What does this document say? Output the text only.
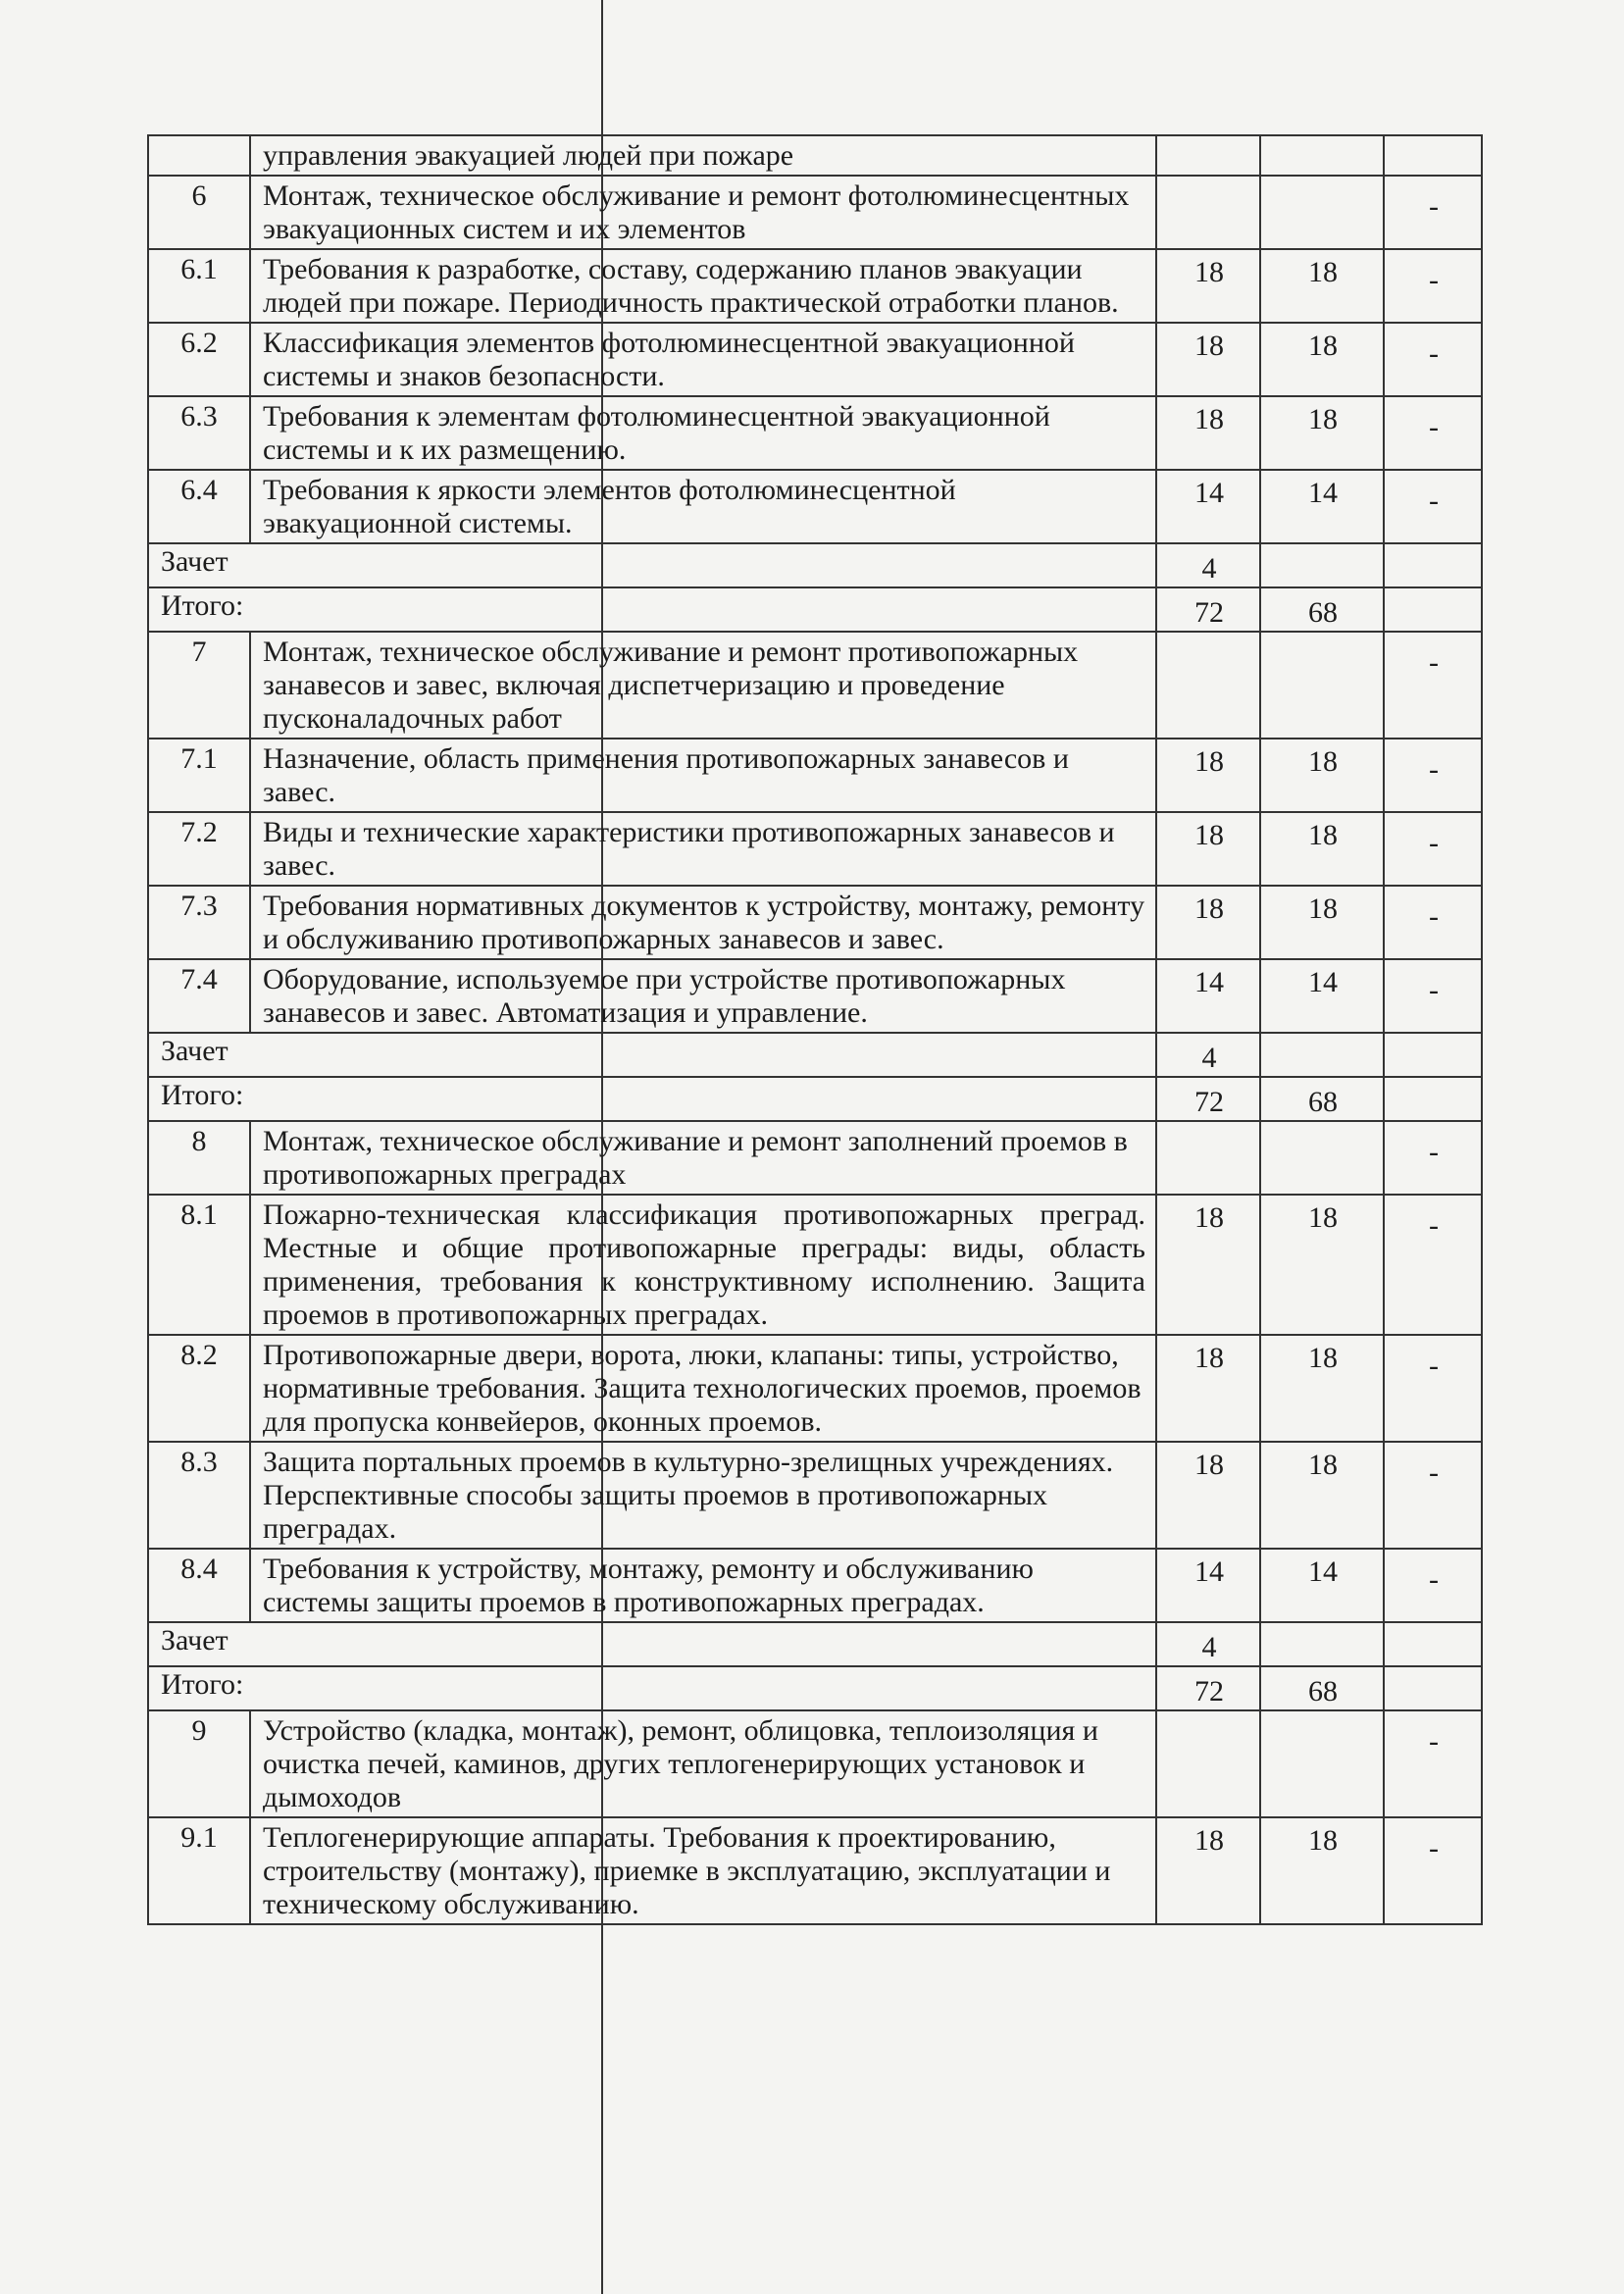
	управления эвакуацией людей при пожаре			
6	Монтаж, техническое обслуживание и ремонт фотолюминесцентных эвакуационных систем и их элементов			-
6.1	Требования к разработке, составу, содержанию планов эвакуации людей при пожаре. Периодичность практической отработки планов.	18	18	-
6.2	Классификация элементов фотолюминесцентной эвакуационной системы и знаков безопасности.	18	18	-
6.3	Требования к элементам фотолюминесцентной эвакуационной системы и к их размещению.	18	18	-
6.4	Требования к яркости элементов фотолюминесцентной эвакуационной системы.	14	14	-
Зачет		4		
Итого:		72	68	
7	Монтаж, техническое обслуживание и ремонт противопожарных занавесов и завес, включая диспетчеризацию и проведение пусконаладочных работ			-
7.1	Назначение, область применения противопожарных занавесов и завес.	18	18	-
7.2	Виды и технические характеристики противопожарных занавесов и завес.	18	18	-
7.3	Требования нормативных документов к устройству, монтажу, ремонту и обслуживанию противопожарных занавесов и завес.	18	18	-
7.4	Оборудование, используемое при устройстве противопожарных занавесов и завес. Автоматизация и управление.	14	14	-
Зачет		4		
Итого:		72	68	
8	Монтаж, техническое обслуживание и ремонт заполнений проемов в противопожарных преградах			-
8.1	Пожарно-техническая классификация противопожарных преград. Местные и общие противопожарные преграды: виды, область применения, требования к конструктивному исполнению. Защита проемов в противопожарных преградах.	18	18	-
8.2	Противопожарные двери, ворота, люки, клапаны: типы, устройство, нормативные требования. Защита технологических проемов, проемов для пропуска конвейеров, оконных проемов.	18	18	-
8.3	Защита портальных проемов в культурно-зрелищных учреждениях. Перспективные способы защиты проемов в противопожарных преградах.	18	18	-
8.4	Требования к устройству, монтажу, ремонту и обслуживанию системы защиты проемов в противопожарных преградах.	14	14	-
Зачет		4		
Итого:		72	68	
9	Устройство (кладка, монтаж), ремонт, облицовка, теплоизоляция и очистка печей, каминов, других теплогенерирующих установок и дымоходов			-
9.1	Теплогенерирующие аппараты. Требования к проектированию, строительству (монтажу), приемке в эксплуатацию, эксплуатации и техническому обслуживанию.	18	18	-
